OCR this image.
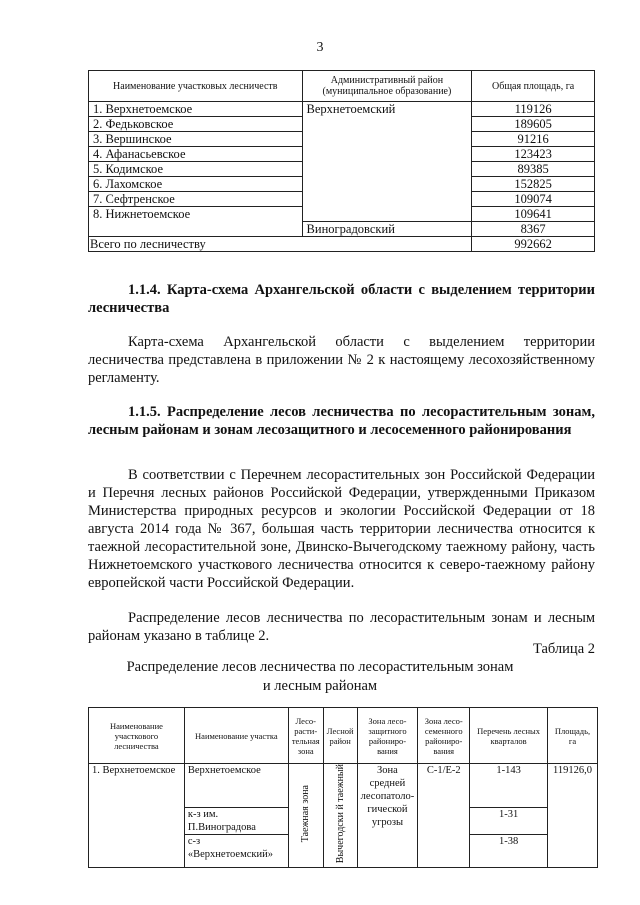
3
Наименование участковых лесничеств	Административный район (муниципальное образование)	Общая площадь, га
1. Верхнетоемское	Верхнетоемский	119126
2. Федьковское		189605
3. Вершинское		91216
4. Афанасьевское		123423
5. Кодимское		89385
6. Лахомское		152825
7. Сефтренское		109074
8. Нижнетоемское		109641
	Виноградовский	8367
Всего по лесничеству		992662
1.1.4. Карта-схема Архангельской области с выделением территории лесничества
Карта-схема Архангельской области с выделением территории лесничества представлена в приложении № 2 к настоящему лесохозяйственному регламенту.
1.1.5. Распределение лесов лесничества по лесорастительным зонам, лесным районам и зонам лесозащитного и лесосеменного районирования
В соответствии с Перечнем лесорастительных зон Российской Федерации и Перечня лесных районов Российской Федерации, утвержденными Приказом Министерства природных ресурсов и экологии Российской Федерации от 18 августа 2014 года № 367, большая часть территории лесничества относится к таежной лесорастительной зоне, Двинско-Вычегодскому таежному району, часть Нижнетоемского участкового лесничества относится к северо-таежному району европейской части Российской Федерации.
Распределение лесов лесничества по лесорастительным зонам и лесным районам указано в таблице 2.
Таблица 2
Распределение лесов лесничества по лесорастительным зонам
и лесным районам
Наименование участкового лесничества	Наименование участка	Лесо-расти-тельная зона	Лесной район	Зона лесо-защитного райониро-вания	Зона лесо-семенного райониро-вания	Перечень лесных кварталов	Площадь, га
1. Верхнетоемское	Верхнетоемское	Таежная зона	Вычегодски й таежный	Зона средней лесопатоло-гической угрозы	С-1/Е-2	1-143	119126,0
	к-з им. П.Виноградова					1-31	
	с-з «Верхнетоемский»					1-38	
